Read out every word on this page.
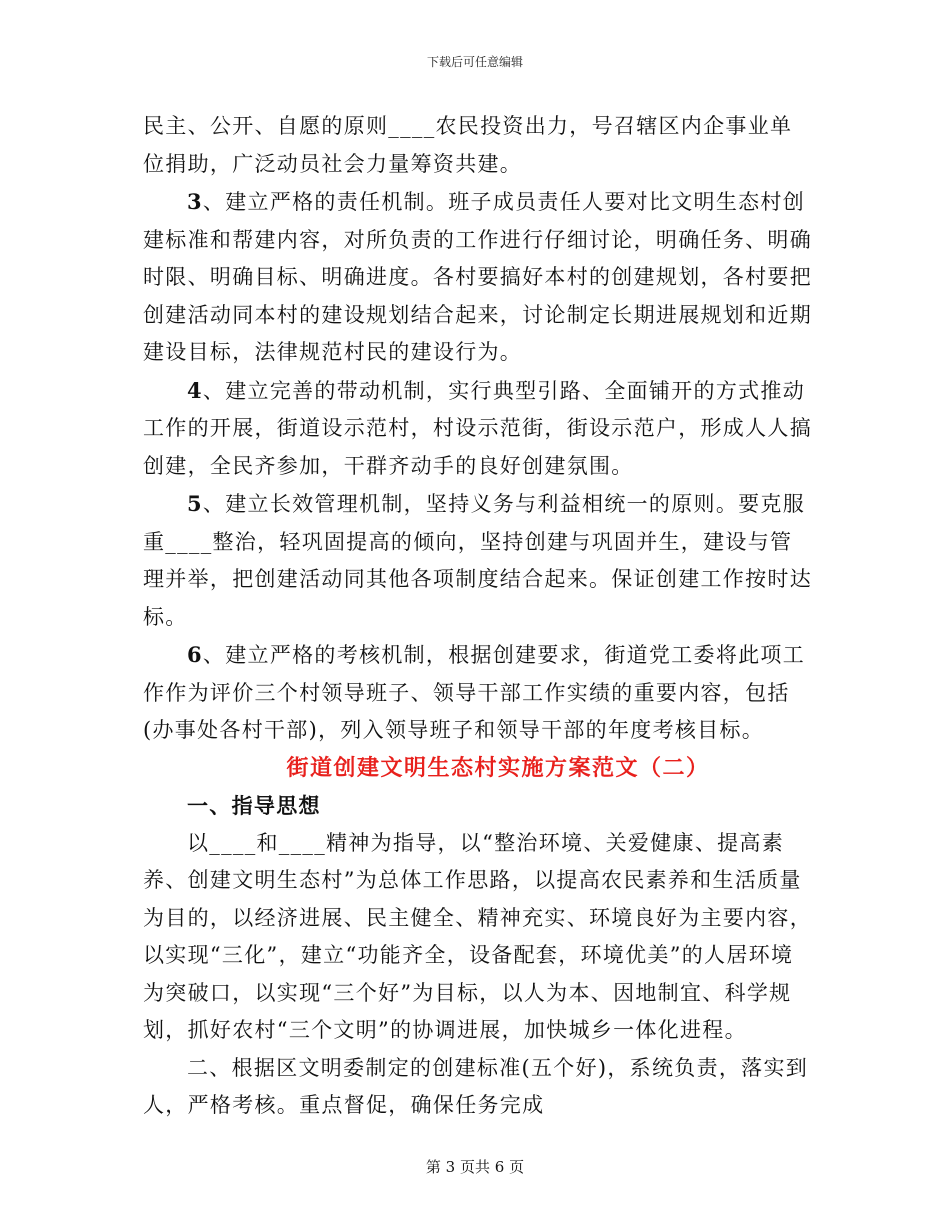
下载后可任意编辑

民主、公开、自愿的原则____农民投资出力，号召辖区内企事业单位捐助，广泛动员社会力量筹资共建。

3、建立严格的责任机制。班子成员责任人要对比文明生态村创建标准和帮建内容，对所负责的工作进行仔细讨论，明确任务、明确时限、明确目标、明确进度。各村要搞好本村的创建规划，各村要把创建活动同本村的建设规划结合起来，讨论制定长期进展规划和近期建设目标，法律规范村民的建设行为。

4、建立完善的带动机制，实行典型引路、全面铺开的方式推动工作的开展，街道设示范村，村设示范街，街设示范户，形成人人搞创建，全民齐参加，干群齐动手的良好创建氛围。

5、建立长效管理机制，坚持义务与利益相统一的原则。要克服重____整治，轻巩固提高的倾向，坚持创建与巩固并生，建设与管理并举，把创建活动同其他各项制度结合起来。保证创建工作按时达标。

6、建立严格的考核机制，根据创建要求，街道党工委将此项工作作为评价三个村领导班子、领导干部工作实绩的重要内容，包括(办事处各村干部)，列入领导班子和领导干部的年度考核目标。

街道创建文明生态村实施方案范文（二）

一、指导思想

以____和____精神为指导，以“整治环境、关爱健康、提高素养、创建文明生态村”为总体工作思路，以提高农民素养和生活质量为目的，以经济进展、民主健全、精神充实、环境良好为主要内容，以实现“三化”，建立“功能齐全，设备配套，环境优美”的人居环境为突破口，以实现“三个好”为目标，以人为本、因地制宜、科学规划，抓好农村“三个文明”的协调进展，加快城乡一体化进程。

二、根据区文明委制定的创建标准(五个好)，系统负责，落实到人，严格考核。重点督促，确保任务完成

第 3 页共 6 页
